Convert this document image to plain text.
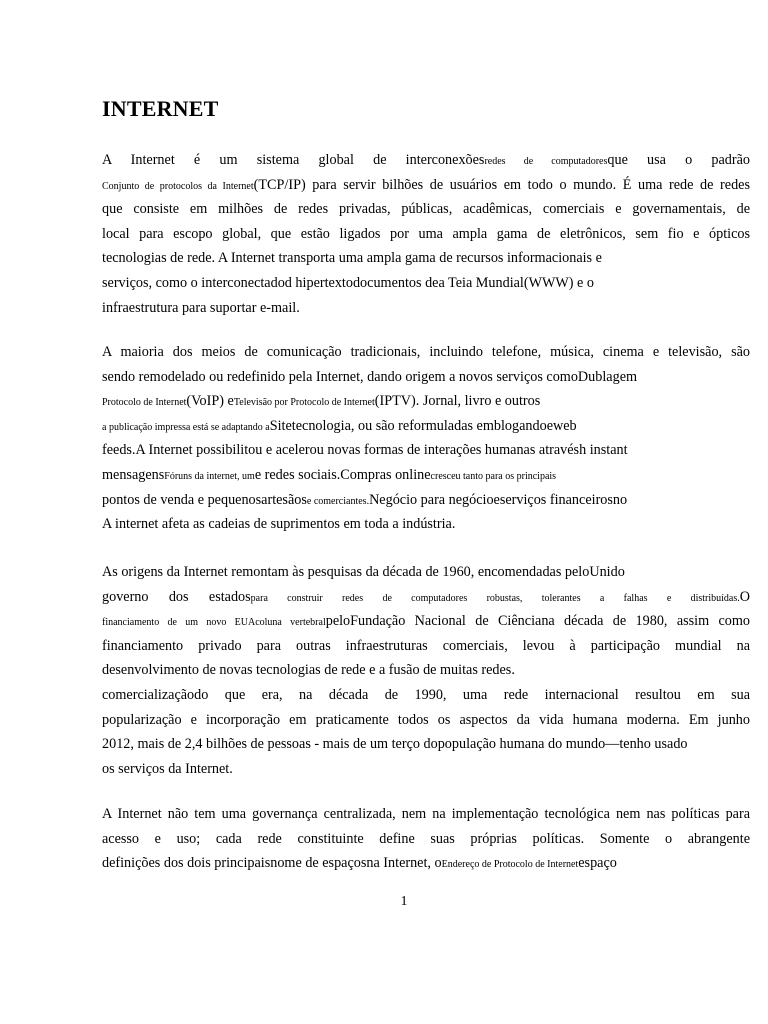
INTERNET
A Internet é um sistema global de interconexõesredes de computadoresque usa o padrão
Conjunto de protocolos da Internet(TCP/IP) para servir bilhões de usuários em todo o mundo. É uma rede de redes
que consiste em milhões de redes privadas, públicas, acadêmicas, comerciais e governamentais, de
local para escopo global, que estão ligados por uma ampla gama de eletrônicos, sem fio e ópticos
tecnologias de rede. A Internet transporta uma ampla gama de recursos informacionais e
serviços, como o interconectadod hipertextodocumentos dea Teia Mundial(WWW) e o
infraestrutura para suportar e-mail.
A maioria dos meios de comunicação tradicionais, incluindo telefone, música, cinema e televisão, são
sendo remodelado ou redefinido pela Internet, dando origem a novos serviços comoDublagem
Protocolo de Internet(VoIP) eTelevisão por Protocolo de Internet(IPTV). Jornal, livro e outros
a publicação impressa está se adaptando aSitetecnologia, ou são reformuladas emblogandoeweb
feeds.A Internet possibilitou e acelerou novas formas de interações humanas atravésh instant
mensagensFóruns da internet, ume redes sociais.Compras onlinecresceu tanto para os principais
pontos de venda e pequenosartesãose comerciantes.Negócio para negócioeserviços financeirosno
A internet afeta as cadeias de suprimentos em toda a indústria.
As origens da Internet remontam às pesquisas da década de 1960, encomendadas peloUnido
governo dos estadospara construir redes de computadores robustas, tolerantes a falhas e distribuídas.O
financiamento de um novo EUAcoluna vertebralpeloFundação Nacional de Ciênciana década de 1980, assim como
financiamento privado para outras infraestruturas comerciais, levou à participação mundial na
desenvolvimento de novas tecnologias de rede e a fusão de muitas redes.
comercializaçãodo que era, na década de 1990, uma rede internacional resultou em sua
popularização e incorporação em praticamente todos os aspectos da vida humana moderna. Em junho
2012, mais de 2,4 bilhões de pessoas - mais de um terço dopopulação humana do mundo—tenho usado
os serviços da Internet.
A Internet não tem uma governança centralizada, nem na implementação tecnológica nem nas políticas para
acesso e uso; cada rede constituinte define suas próprias políticas. Somente o abrangente
definições dos dois principaisnome de espaçosna Internet, oEndereço de Protocolo de Internetespaço
1
